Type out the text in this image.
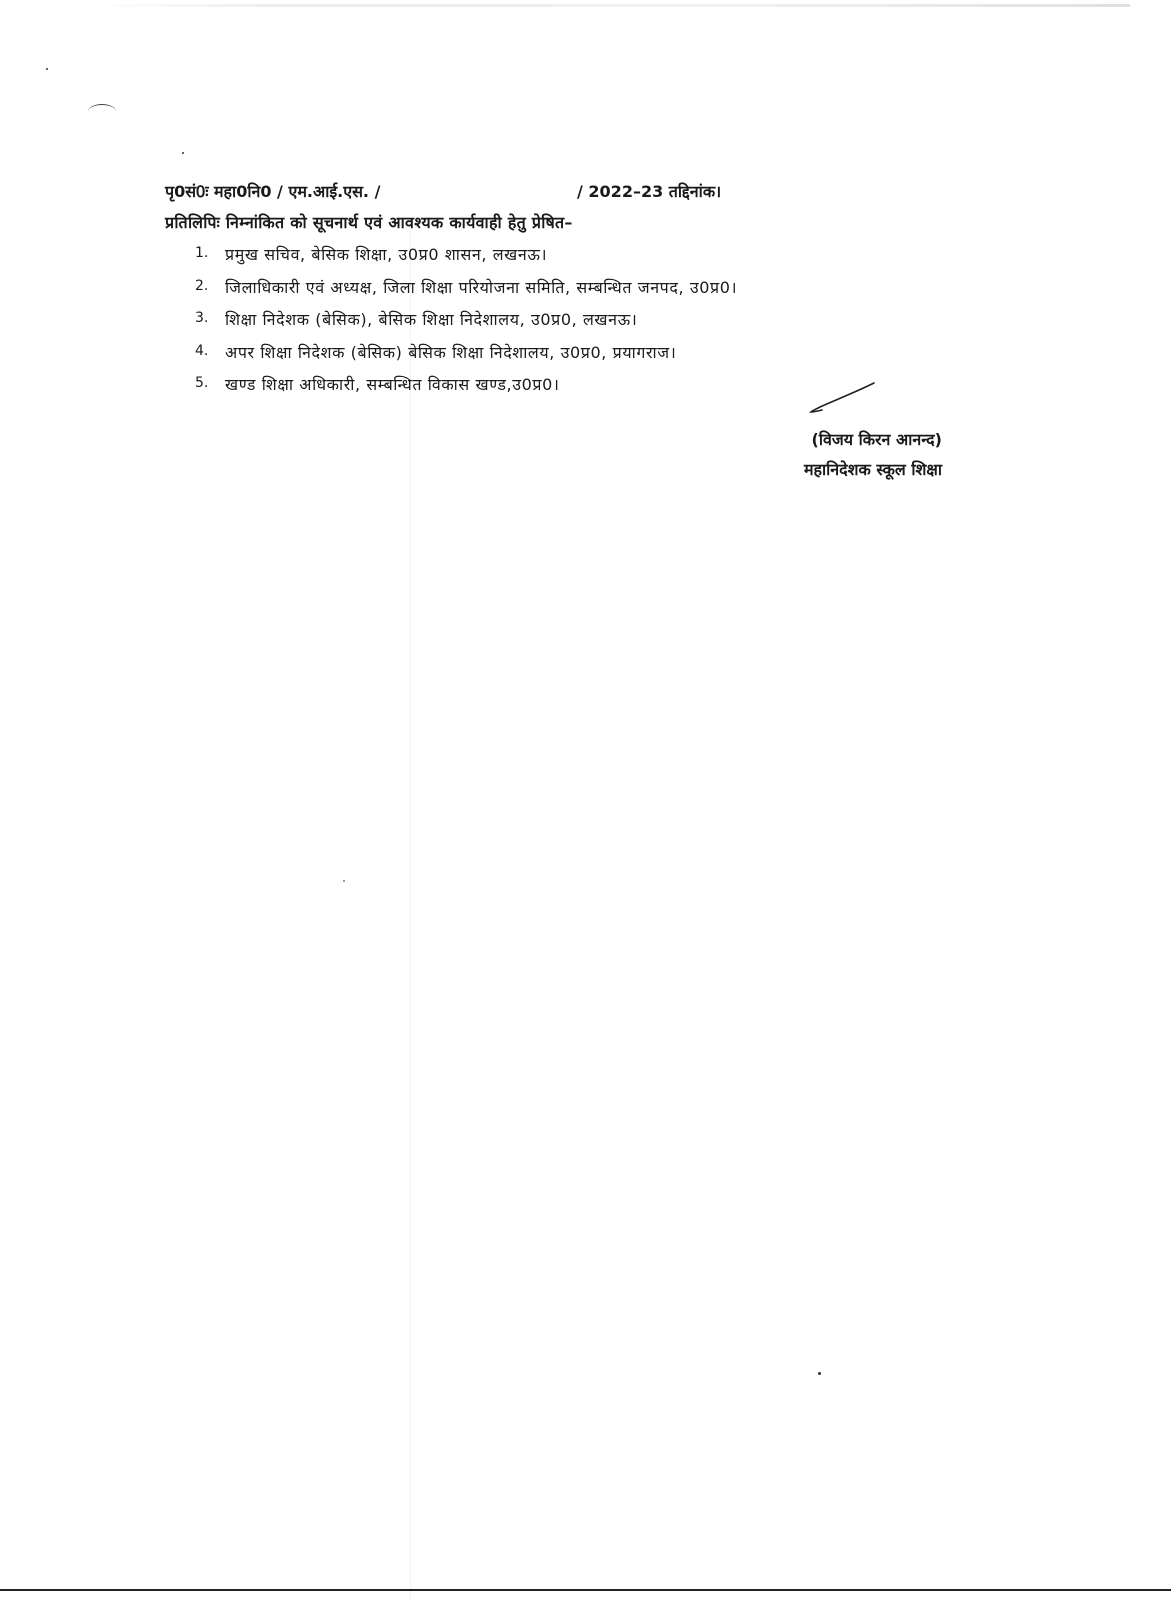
पृ0सं0ः महा0नि0 / एम.आई.एस. /	/ 2022–23 तद्दिनांक।
प्रतिलिपिः निम्नांकित को सूचनार्थ एवं आवश्यक कार्यवाही हेतु प्रेषित–
1.	प्रमुख सचिव, बेसिक शिक्षा, उ0प्र0 शासन, लखनऊ।
2.	जिलाधिकारी एवं अध्यक्ष, जिला शिक्षा परियोजना समिति, सम्बन्धित जनपद, उ0प्र0।
3.	शिक्षा निदेशक (बेसिक), बेसिक शिक्षा निदेशालय, उ0प्र0, लखनऊ।
4.	अपर शिक्षा निदेशक (बेसिक) बेसिक शिक्षा निदेशालय, उ0प्र0, प्रयागराज।
5.	खण्ड शिक्षा अधिकारी, सम्बन्धित विकास खण्ड,उ0प्र0।
(विजय किरन आनन्द)
महानिदेशक स्कूल शिक्षा
